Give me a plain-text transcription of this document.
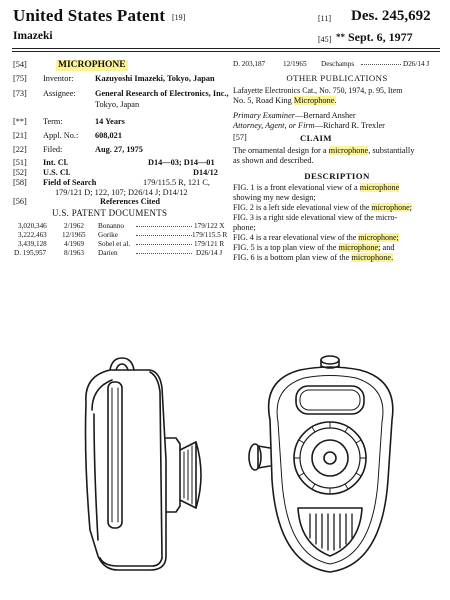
United States Patent [19]
Imazeki
[11] Des. 245,692
[45] ** Sept. 6, 1977
[54]	MICROPHONE
[75]	Inventor:	Kazuyoshi Imazeki, Tokyo, Japan
[73]	Assignee:	General Research of Electronics, Inc.,
Tokyo, Japan
[**]	Term:	14 Years
[21]	Appl. No.:	608,021
[22]	Filed:	Aug. 27, 1975
[51] Int. Cl.	D14—03; D14—01
[52] U.S. Cl.	D14/12
[58] Field of Search	179/115.5 R, 121 C,
179/121 D; 122, 107; D26/14 J; D14/12
[56]	References Cited
U.S. PATENT DOCUMENTS
3,020,346 2/1962 Bonanno	179/122 X
3,222,463 12/1965 Gorike	179/115.5 R
3,439,128 4/1969 Sobel et al.	179/121 R
D. 195,957 8/1963 Darien	D26/14 J
D. 203,187 12/1965 Deschamps	D26/14 J
OTHER PUBLICATIONS
Lafayette Electronics Cat., No. 750, 1974, p. 95, Item
No. 5, Road King Microphone.
Primary Examiner—Bernard Ansher
Attorney, Agent, or Firm—Richard R. Trexler
[57]	CLAIM
The ornamental design for a microphone, substantially
as shown and described.
DESCRIPTION
FIG. 1 is a front elevational view of a microphone
showing my new design;
FIG. 2 is a left side elevational view of the microphone;
FIG. 3 is a right side elevational view of the micro-
phone;
FIG. 4 is a rear elevational view of the microphone;
FIG. 5 is a top plan view of the microphone; and
FIG. 6 is a bottom plan view of the microphone.
